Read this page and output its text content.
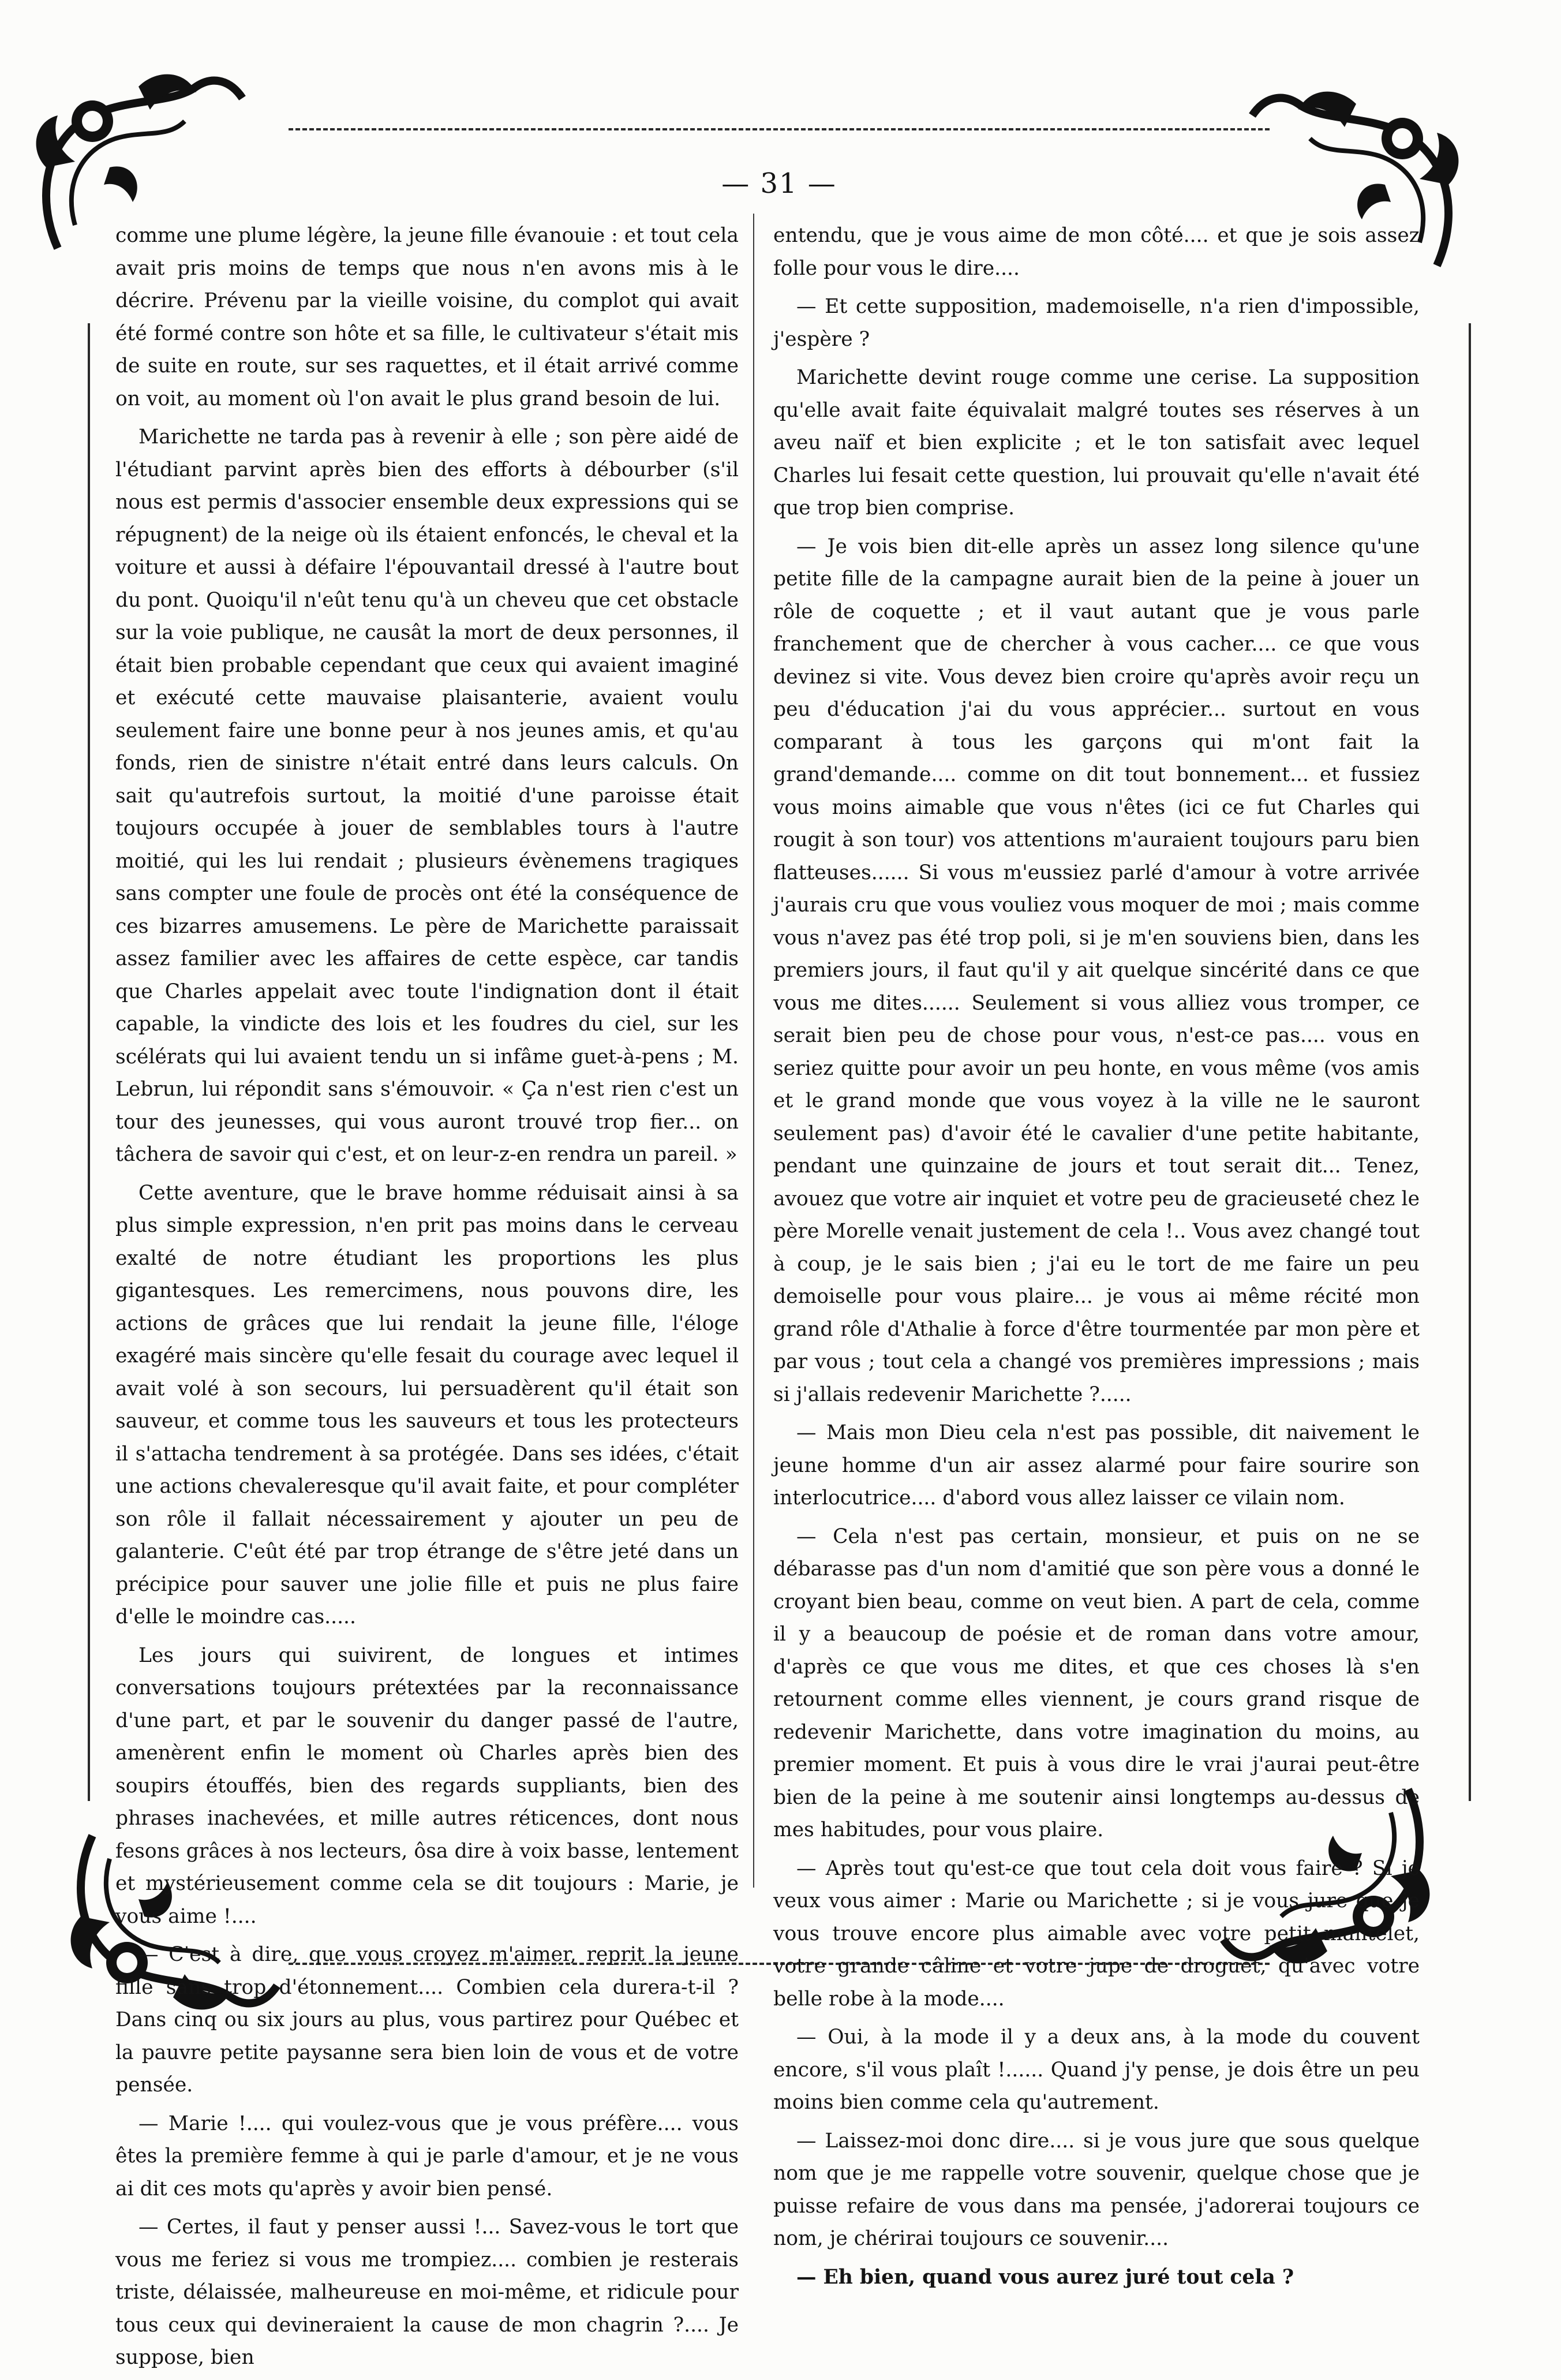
— 31 —

comme une plume légère, la jeune fille évanouie : et tout cela avait pris moins de temps que nous n'en avons mis à le décrire. Prévenu par la vieille voisine, du complot qui avait été formé contre son hôte et sa fille, le cultivateur s'était mis de suite en route, sur ses raquettes, et il était arrivé comme on voit, au moment où l'on avait le plus grand besoin de lui.

Marichette ne tarda pas à revenir à elle ; son père aidé de l'étudiant parvint après bien des efforts à débourber (s'il nous est permis d'associer ensemble deux expressions qui se répugnent) de la neige où ils étaient enfoncés, le cheval et la voiture et aussi à défaire l'épouvantail dressé à l'autre bout du pont. Quoiqu'il n'eût tenu qu'à un cheveu que cet obstacle sur la voie publique, ne causât la mort de deux personnes, il était bien probable cependant que ceux qui avaient imaginé et exécuté cette mauvaise plaisanterie, avaient voulu seulement faire une bonne peur à nos jeunes amis, et qu'au fonds, rien de sinistre n'était entré dans leurs calculs. On sait qu'autrefois surtout, la moitié d'une paroisse était toujours occupée à jouer de semblables tours à l'autre moitié, qui les lui rendait ; plusieurs évènemens tragiques sans compter une foule de procès ont été la conséquence de ces bizarres amusemens. Le père de Marichette paraissait assez familier avec les affaires de cette espèce, car tandis que Charles appelait avec toute l'indignation dont il était capable, la vindicte des lois et les foudres du ciel, sur les scélérats qui lui avaient tendu un si infâme guet-à-pens ; M. Lebrun, lui répondit sans s'émouvoir. « Ça n'est rien c'est un tour des jeunesses, qui vous auront trouvé trop fier... on tâchera de savoir qui c'est, et on leur-z-en rendra un pareil. »

Cette aventure, que le brave homme réduisait ainsi à sa plus simple expression, n'en prit pas moins dans le cerveau exalté de notre étudiant les proportions les plus gigantesques. Les remercimens, nous pouvons dire, les actions de grâces que lui rendait la jeune fille, l'éloge exagéré mais sincère qu'elle fesait du courage avec lequel il avait volé à son secours, lui persuadèrent qu'il était son sauveur, et comme tous les sauveurs et tous les protecteurs il s'attacha tendrement à sa protégée. Dans ses idées, c'était une actions chevaleresque qu'il avait faite, et pour compléter son rôle il fallait nécessairement y ajouter un peu de galanterie. C'eût été par trop étrange de s'être jeté dans un précipice pour sauver une jolie fille et puis ne plus faire d'elle le moindre cas.....

Les jours qui suivirent, de longues et intimes conversations toujours prétextées par la reconnaissance d'une part, et par le souvenir du danger passé de l'autre, amenèrent enfin le moment où Charles après bien des soupirs étouffés, bien des regards suppliants, bien des phrases inachevées, et mille autres réticences, dont nous fesons grâces à nos lecteurs, ôsa dire à voix basse, lentement et mystérieusement comme cela se dit toujours : Marie, je vous aime !....

— C'est à dire, que vous croyez m'aimer, reprit la jeune fille sans trop d'étonnement.... Combien cela durera-t-il ? Dans cinq ou six jours au plus, vous partirez pour Québec et la pauvre petite paysanne sera bien loin de vous et de votre pensée.

— Marie !.... qui voulez-vous que je vous préfère.... vous êtes la première femme à qui je parle d'amour, et je ne vous ai dit ces mots qu'après y avoir bien pensé.

— Certes, il faut y penser aussi !... Savez-vous le tort que vous me feriez si vous me trompiez.... combien je resterais triste, délaissée, malheureuse en moi-même, et ridicule pour tous ceux qui devineraient la cause de mon chagrin ?.... Je suppose, bien

entendu, que je vous aime de mon côté.... et que je sois assez folle pour vous le dire....

— Et cette supposition, mademoiselle, n'a rien d'impossible, j'espère ?

Marichette devint rouge comme une cerise. La supposition qu'elle avait faite équivalait malgré toutes ses réserves à un aveu naïf et bien explicite ; et le ton satisfait avec lequel Charles lui fesait cette question, lui prouvait qu'elle n'avait été que trop bien comprise.

— Je vois bien dit-elle après un assez long silence qu'une petite fille de la campagne aurait bien de la peine à jouer un rôle de coquette ; et il vaut autant que je vous parle franchement que de chercher à vous cacher.... ce que vous devinez si vite. Vous devez bien croire qu'après avoir reçu un peu d'éducation j'ai du vous apprécier... surtout en vous comparant à tous les garçons qui m'ont fait la grand'demande.... comme on dit tout bonnement... et fussiez vous moins aimable que vous n'êtes (ici ce fut Charles qui rougit à son tour) vos attentions m'auraient toujours paru bien flatteuses...... Si vous m'eussiez parlé d'amour à votre arrivée j'aurais cru que vous vouliez vous moquer de moi ; mais comme vous n'avez pas été trop poli, si je m'en souviens bien, dans les premiers jours, il faut qu'il y ait quelque sincérité dans ce que vous me dites...... Seulement si vous alliez vous tromper, ce serait bien peu de chose pour vous, n'est-ce pas.... vous en seriez quitte pour avoir un peu honte, en vous même (vos amis et le grand monde que vous voyez à la ville ne le sauront seulement pas) d'avoir été le cavalier d'une petite habitante, pendant une quinzaine de jours et tout serait dit... Tenez, avouez que votre air inquiet et votre peu de gracieuseté chez le père Morelle venait justement de cela !.. Vous avez changé tout à coup, je le sais bien ; j'ai eu le tort de me faire un peu demoiselle pour vous plaire... je vous ai même récité mon grand rôle d'Athalie à force d'être tourmentée par mon père et par vous ; tout cela a changé vos premières impressions ; mais si j'allais redevenir Marichette ?.....

— Mais mon Dieu cela n'est pas possible, dit naivement le jeune homme d'un air assez alarmé pour faire sourire son interlocutrice.... d'abord vous allez laisser ce vilain nom.

— Cela n'est pas certain, monsieur, et puis on ne se débarasse pas d'un nom d'amitié que son père vous a donné le croyant bien beau, comme on veut bien. A part de cela, comme il y a beaucoup de poésie et de roman dans votre amour, d'après ce que vous me dites, et que ces choses là s'en retournent comme elles viennent, je cours grand risque de redevenir Marichette, dans votre imagination du moins, au premier moment. Et puis à vous dire le vrai j'aurai peut-être bien de la peine à me soutenir ainsi longtemps au-dessus de mes habitudes, pour vous plaire.

— Après tout qu'est-ce que tout cela doit vous faire ? Si je veux vous aimer : Marie ou Marichette ; si je vous jure que je vous trouve encore plus aimable avec votre petit mantelet, votre grande câline et votre jupe de droguet, qu'avec votre belle robe à la mode....

— Oui, à la mode il y a deux ans, à la mode du couvent encore, s'il vous plaît !...... Quand j'y pense, je dois être un peu moins bien comme cela qu'autrement.

— Laissez-moi donc dire.... si je vous jure que sous quelque nom que je me rappelle votre souvenir, quelque chose que je puisse refaire de vous dans ma pensée, j'adorerai toujours ce nom, je chérirai toujours ce souvenir....

— Eh bien, quand vous aurez juré tout cela ?
